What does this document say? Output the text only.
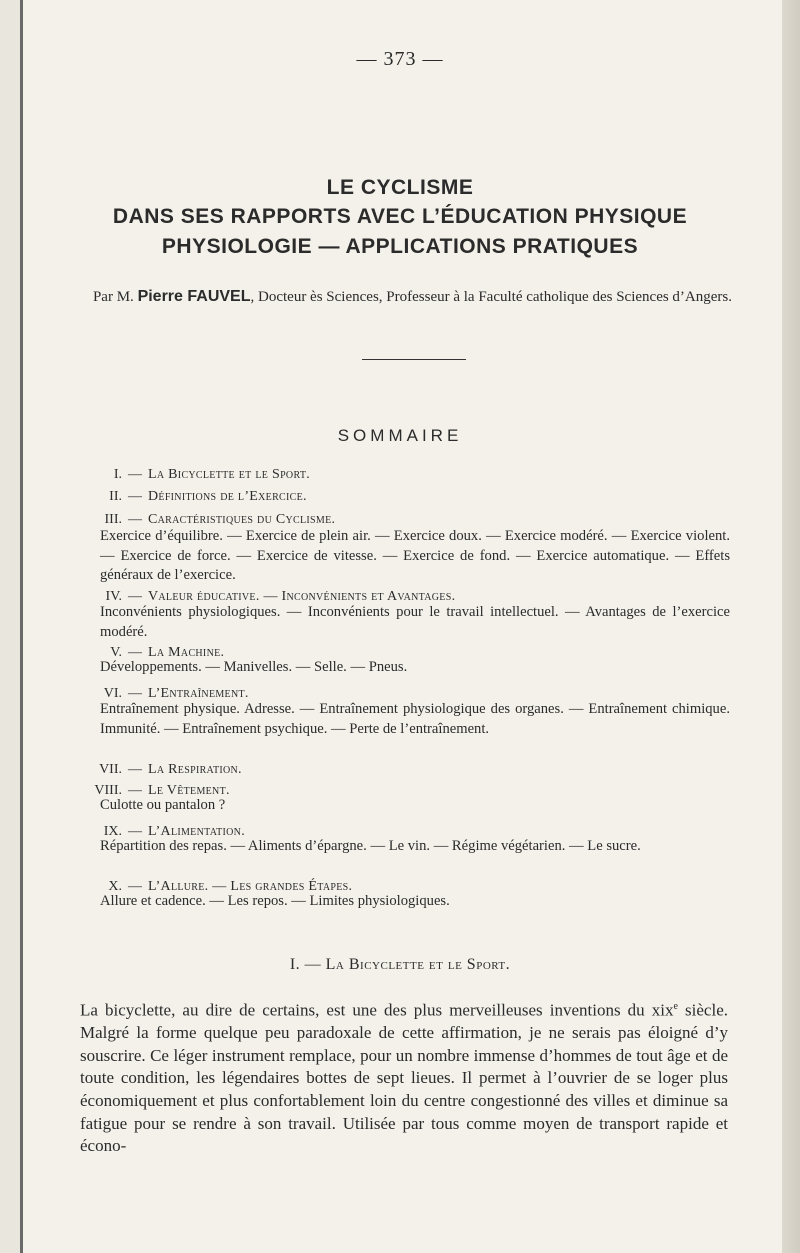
— 373 —
LE CYCLISME
DANS SES RAPPORTS AVEC L’ÉDUCATION PHYSIQUE
PHYSIOLOGIE — APPLICATIONS PRATIQUES
Par M. Pierre FAUVEL, Docteur ès Sciences, Professeur à la Faculté catholique des Sciences d’Angers.
SOMMAIRE
I. — La Bicyclette et le Sport.
II. — Définitions de l’Exercice.
III. — Caractéristiques du Cyclisme.
Exercice d’équilibre. — Exercice de plein air. — Exercice doux. — Exercice modéré. — Exercice violent. — Exercice de force. — Exercice de vitesse. — Exercice de fond. — Exercice automatique. — Effets généraux de l’exercice.
IV. — Valeur éducative. — Inconvénients et Avantages.
Inconvénients physiologiques. — Inconvénients pour le travail intellectuel. — Avantages de l’exercice modéré.
V. — La Machine.
Développements. — Manivelles. — Selle. — Pneus.
VI. — L’Entraînement.
Entraînement physique. Adresse. — Entraînement physiologique des organes. — Entraînement chimique. Immunité. — Entraînement psychique. — Perte de l’entraînement.
VII. — La Respiration.
VIII. — Le Vêtement.
Culotte ou pantalon ?
IX. — L’Alimentation.
Répartition des repas. — Aliments d’épargne. — Le vin. — Régime végétarien. — Le sucre.
X. — L’Allure. — Les grandes Étapes.
Allure et cadence. — Les repos. — Limites physiologiques.
I. — La Bicyclette et le Sport.
La bicyclette, au dire de certains, est une des plus merveilleuses inventions du xix$^e$ siècle. Malgré la forme quelque peu paradoxale de cette affirmation, je ne serais pas éloigné d’y souscrire. Ce léger instrument remplace, pour un nombre immense d’hommes de tout âge et de toute condition, les légendaires bottes de sept lieues. Il permet à l’ouvrier de se loger plus économiquement et plus confortablement loin du centre congestionné des villes et diminue sa fatigue pour se rendre à son travail. Utilisée par tous comme moyen de transport rapide et écono-
